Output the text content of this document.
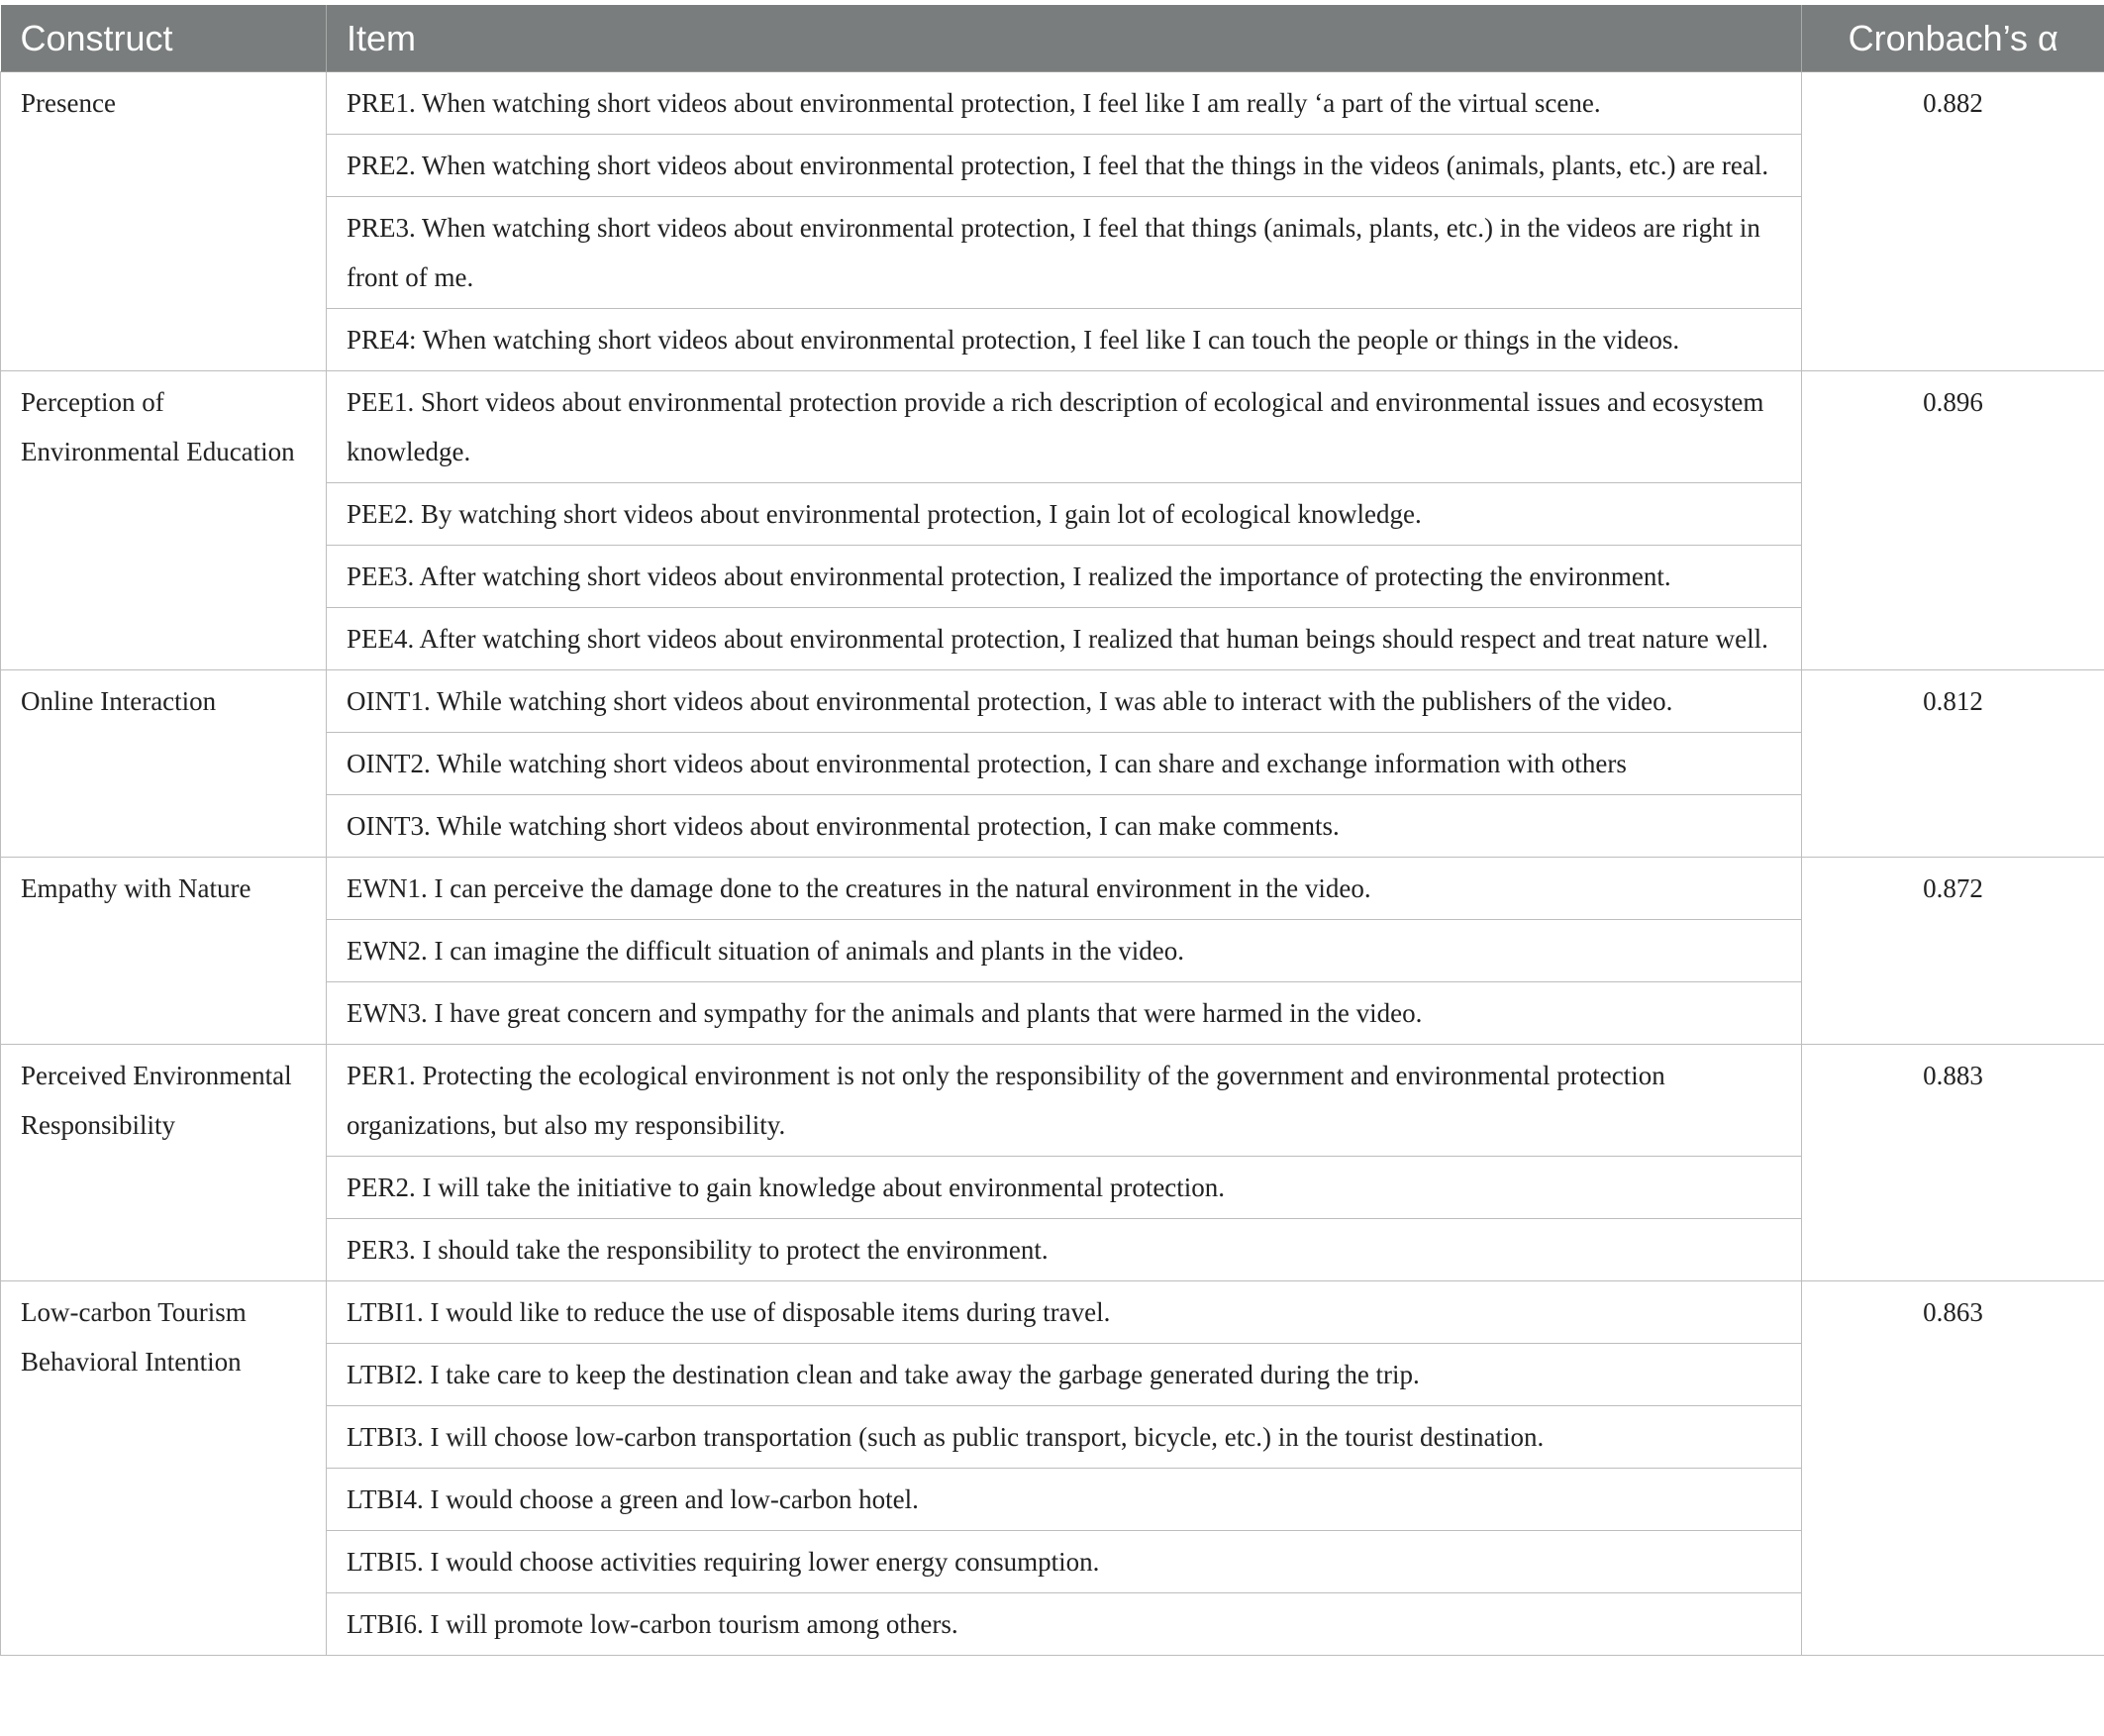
Construct	Item	Cronbach’s α
Presence	PRE1. When watching short videos about environmental protection, I feel like I am really ‘a part of the virtual scene.	0.882
	PRE2. When watching short videos about environmental protection, I feel that the things in the videos (animals, plants, etc.) are real.	
	PRE3. When watching short videos about environmental protection, I feel that things (animals, plants, etc.) in the videos are right in front of me.	
	PRE4: When watching short videos about environmental protection, I feel like I can touch the people or things in the videos.	
Perception of Environmental Education	PEE1. Short videos about environmental protection provide a rich description of ecological and environmental issues and ecosystem knowledge.	0.896
	PEE2. By watching short videos about environmental protection, I gain lot of ecological knowledge.	
	PEE3. After watching short videos about environmental protection, I realized the importance of protecting the environment.	
	PEE4. After watching short videos about environmental protection, I realized that human beings should respect and treat nature well.	
Online Interaction	OINT1. While watching short videos about environmental protection, I was able to interact with the publishers of the video.	0.812
	OINT2. While watching short videos about environmental protection, I can share and exchange information with others	
	OINT3. While watching short videos about environmental protection, I can make comments.	
Empathy with Nature	EWN1. I can perceive the damage done to the creatures in the natural environment in the video.	0.872
	EWN2. I can imagine the difficult situation of animals and plants in the video.	
	EWN3. I have great concern and sympathy for the animals and plants that were harmed in the video.	
Perceived Environmental Responsibility	PER1. Protecting the ecological environment is not only the responsibility of the government and environmental protection organizations, but also my responsibility.	0.883
	PER2. I will take the initiative to gain knowledge about environmental protection.	
	PER3. I should take the responsibility to protect the environment.	
Low-carbon Tourism Behavioral Intention	LTBI1. I would like to reduce the use of disposable items during travel.	0.863
	LTBI2. I take care to keep the destination clean and take away the garbage generated during the trip.	
	LTBI3. I will choose low-carbon transportation (such as public transport, bicycle, etc.) in the tourist destination.	
	LTBI4. I would choose a green and low-carbon hotel.	
	LTBI5. I would choose activities requiring lower energy consumption.	
	LTBI6. I will promote low-carbon tourism among others.	
